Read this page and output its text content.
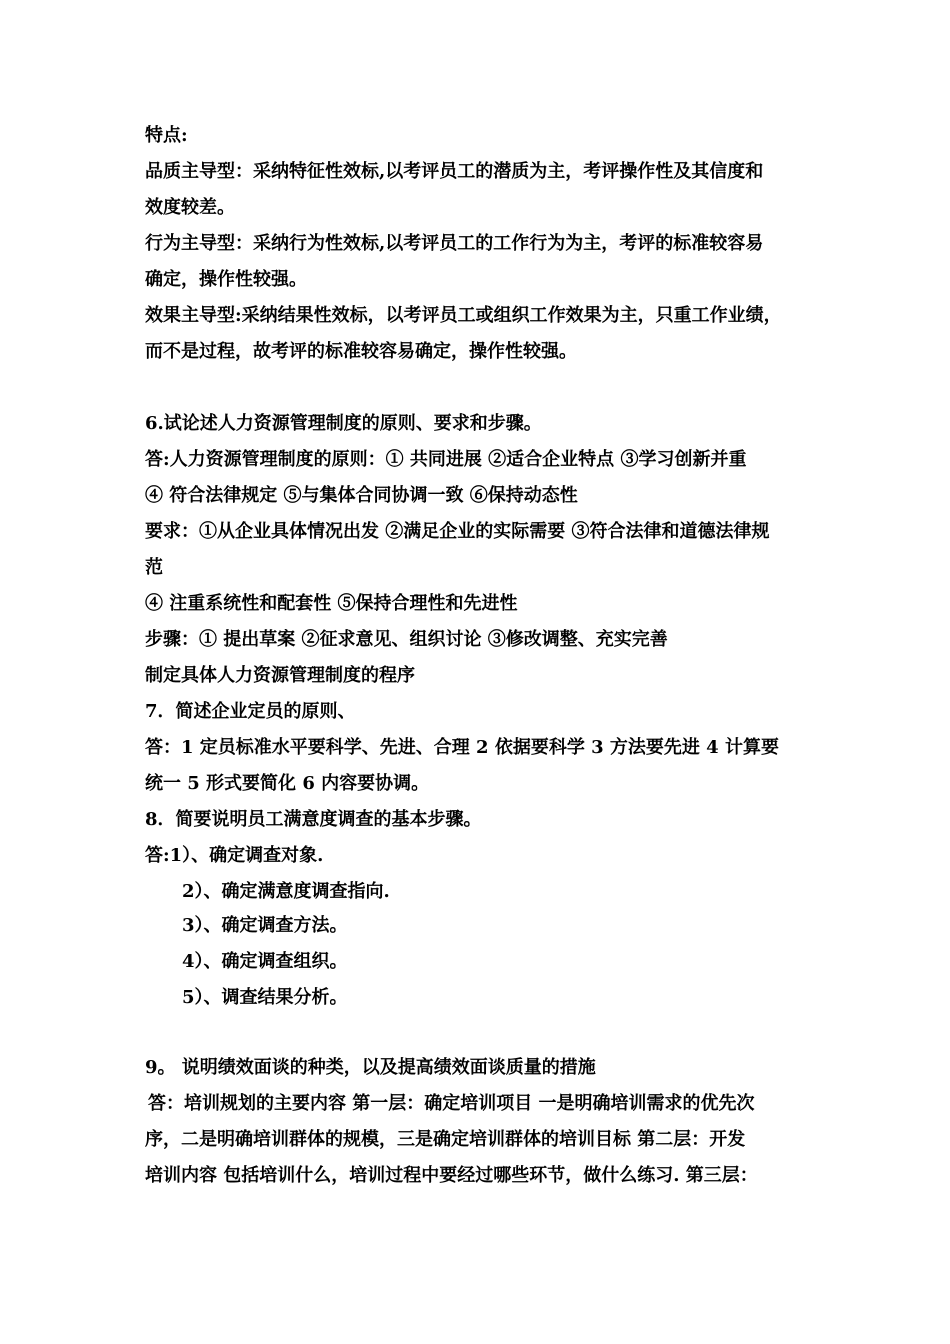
特点:
品质主导型：采纳特征性效标,以考评员工的潜质为主，考评操作性及其信度和
效度较差。
行为主导型：采纳行为性效标,以考评员工的工作行为为主，考评的标准较容易
确定，操作性较强。
效果主导型:采纳结果性效标，以考评员工或组织工作效果为主，只重工作业绩，
而不是过程，故考评的标准较容易确定，操作性较强。
6.试论述人力资源管理制度的原则、要求和步骤。
答:人力资源管理制度的原则：① 共同进展 ②适合企业特点 ③学习创新并重
④ 符合法律规定 ⑤与集体合同协调一致 ⑥保持动态性
要求：①从企业具体情况出发 ②满足企业的实际需要 ③符合法律和道德法律规
范
④ 注重系统性和配套性 ⑤保持合理性和先进性
步骤：① 提出草案 ②征求意见、组织讨论 ③修改调整、充实完善
制定具体人力资源管理制度的程序
7．简述企业定员的原则、
答：1 定员标准水平要科学、先进、合理 2 依据要科学 3 方法要先进 4 计算要
统一 5 形式要简化 6 内容要协调。
8．简要说明员工满意度调查的基本步骤。
答:1）、确定调查对象.
2）、确定满意度调查指向.
3）、确定调查方法。
4）、确定调查组织。
5）、调查结果分析。
9。 说明绩效面谈的种类，以及提高绩效面谈质量的措施
答：培训规划的主要内容 第一层：确定培训项目 一是明确培训需求的优先次
序，二是明确培训群体的规模，三是确定培训群体的培训目标 第二层：开发
培训内容 包括培训什么，培训过程中要经过哪些环节，做什么练习. 第三层：
